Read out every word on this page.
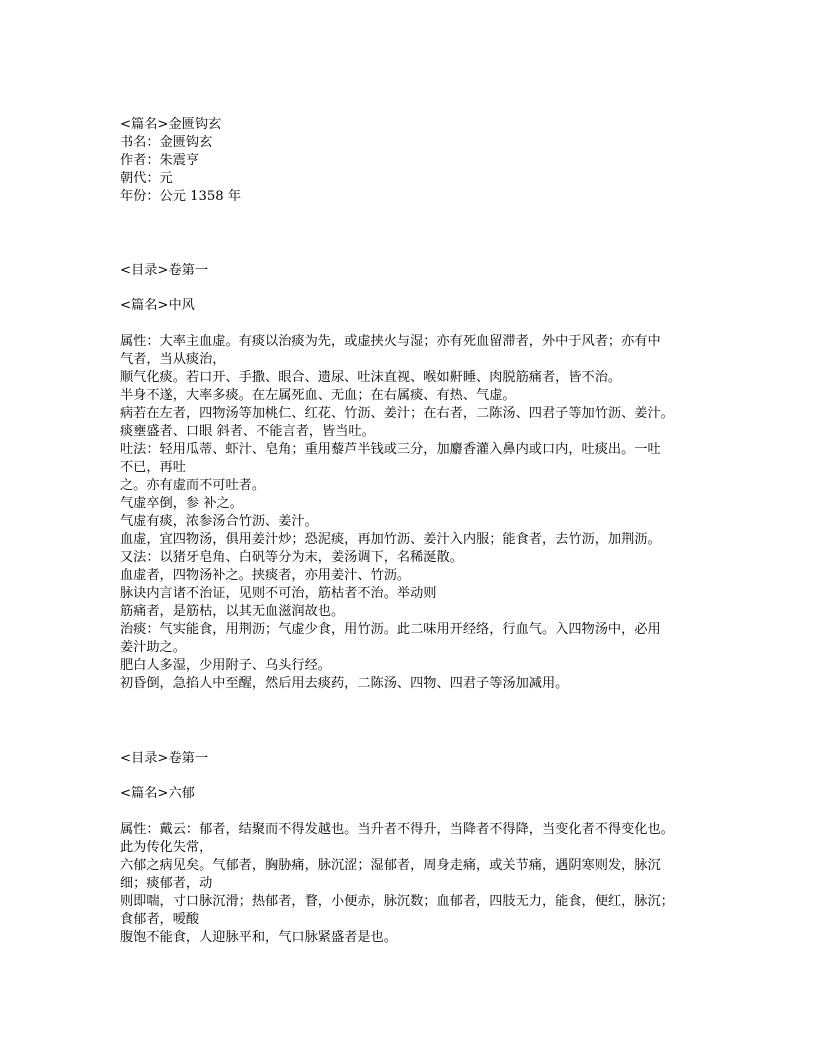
<篇名>金匮钩玄
书名：金匮钩玄
作者：朱震亨
朝代：元
年份：公元 1358 年
<目录>卷第一
<篇名>中风
属性：大率主血虚。有痰以治痰为先，或虚挟火与湿；亦有死血留滞者，外中于风者；亦有中
气者，当从痰治，
顺气化痰。若口开、手撒、眼合、遗尿、吐沫直视、喉如鼾睡、肉脱筋痛者，皆不治。
半身不遂，大率多痰。在左属死血、无血；在右属痰、有热、气虚。
病若在左者，四物汤等加桃仁、红花、竹沥、姜汁；在右者，二陈汤、四君子等加竹沥、姜汁。
痰壅盛者、口眼 斜者、不能言者，皆当吐。
吐法：轻用瓜蒂、虾汁、皂角；重用藜芦半钱或三分，加麝香灌入鼻内或口内，吐痰出。一吐
不已，再吐
之。亦有虚而不可吐者。
气虚卒倒，参 补之。
气虚有痰，浓参汤合竹沥、姜汁。
血虚，宜四物汤，俱用姜汁炒；恐泥痰，再加竹沥、姜汁入内服；能食者，去竹沥，加荆沥。
又法：以猪牙皂角、白矾等分为末，姜汤调下，名稀涎散。
血虚者，四物汤补之。挟痰者，亦用姜汁、竹沥。
脉诀内言诸不治证，见则不可治，筋枯者不治。举动则
筋痛者，是筋枯，以其无血滋润故也。
治痰：气实能食，用荆沥；气虚少食，用竹沥。此二味用开经络，行血气。入四物汤中，必用
姜汁助之。
肥白人多湿，少用附子、乌头行经。
初昏倒，急掐人中至醒，然后用去痰药，二陈汤、四物、四君子等汤加减用。
<目录>卷第一
<篇名>六郁
属性：戴云：郁者，结聚而不得发越也。当升者不得升，当降者不得降，当变化者不得变化也。
此为传化失常，
六郁之病见矣。气郁者，胸胁痛，脉沉涩；湿郁者，周身走痛，或关节痛，遇阴寒则发，脉沉
细；痰郁者，动
则即喘，寸口脉沉滑；热郁者，瞀，小便赤，脉沉数；血郁者，四肢无力，能食，便红，脉沉；
食郁者，嗳酸
腹饱不能食，人迎脉平和，气口脉紧盛者是也。
